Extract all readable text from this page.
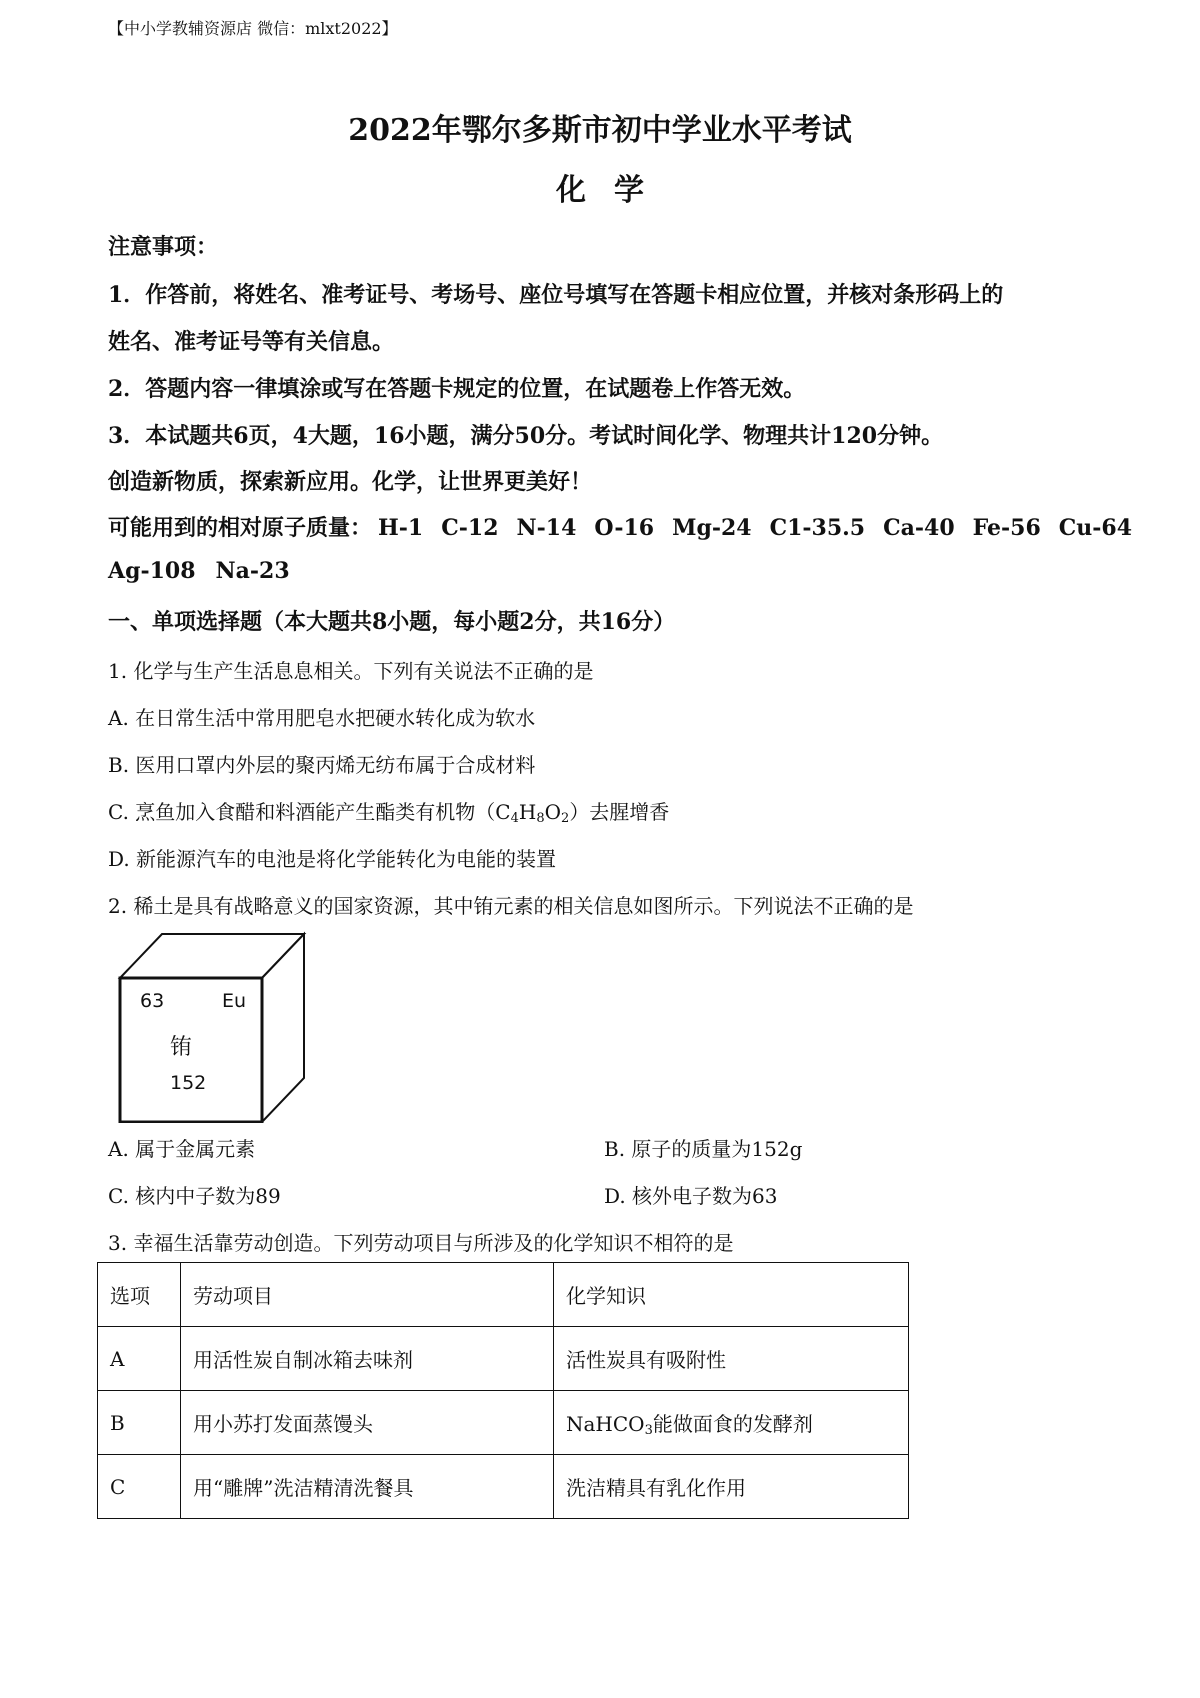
【中小学教辅资源店 微信：mlxt2022】
2022年鄂尔多斯市初中学业水平考试
化学
注意事项：
1．作答前，将姓名、准考证号、考场号、座位号填写在答题卡相应位置，并核对条形码上的
姓名、准考证号等有关信息。
2．答题内容一律填涂或写在答题卡规定的位置，在试题卷上作答无效。
3．本试题共6页，4大题，16小题，满分50分。考试时间化学、物理共计120分钟。
创造新物质，探索新应用。化学，让世界更美好！
可能用到的相对原子质量： H-1 C-12 N-14 O-16 Mg-24 C1-35.5 Ca-40 Fe-56 Cu-64
Ag-108 Na-23
一、单项选择题（本大题共8小题，每小题2分，共16分）
1. 化学与生产生活息息相关。下列有关说法不正确的是
A. 在日常生活中常用肥皂水把硬水转化成为软水
B. 医用口罩内外层的聚丙烯无纺布属于合成材料
C. 烹鱼加入食醋和料酒能产生酯类有机物$(C_4H_8O_2)$去腥增香
D. 新能源汽车的电池是将化学能转化为电能的装置
2. 稀土是具有战略意义的国家资源，其中铕元素的相关信息如图所示。下列说法不正确的是
63	Eu
铕
152
A. 属于金属元素	B. 原子的质量为152g
C. 核内中子数为89	D. 核外电子数为63
3. 幸福生活靠劳动创造。下列劳动项目与所涉及的化学知识不相符的是
选项	劳动项目	化学知识
A	用活性炭自制冰箱去味剂	活性炭具有吸附性
B	用小苏打发面蒸馒头	NaHCO$_3$能做面食的发酵剂
C	用“雕牌”洗洁精清洗餐具	洗洁精具有乳化作用
